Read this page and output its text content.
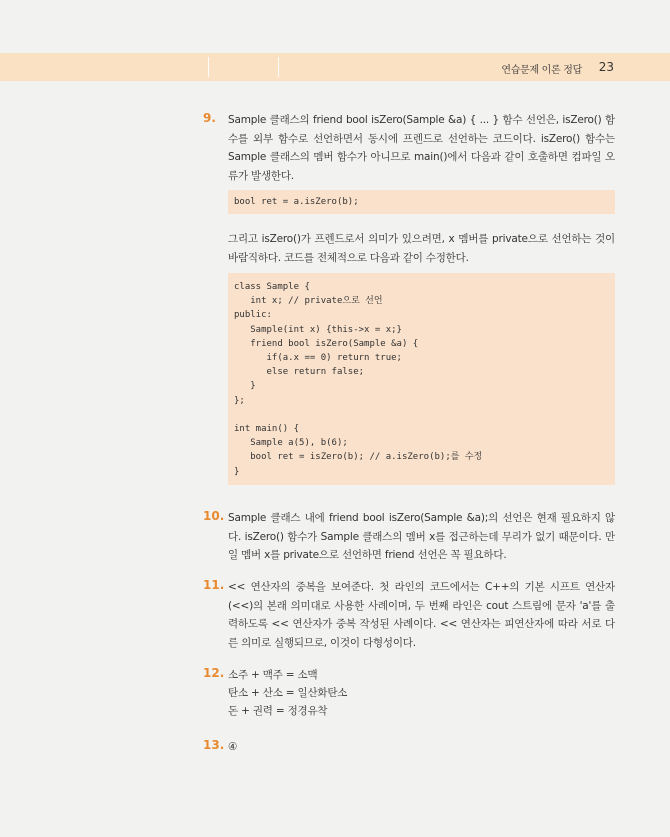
연습문제 이론 정답 23
9. Sample 클래스의 friend bool isZero(Sample &a) { ... } 함수 선언은, isZero() 함수를 외부 함수로 선언하면서 동시에 프렌드로 선언하는 코드이다. isZero() 함수는 Sample 클래스의 멤버 함수가 아니므로 main()에서 다음과 같이 호출하면 컴파일 오류가 발생한다.
bool ret = a.isZero(b);
그리고 isZero()가 프렌드로서 의미가 있으려면, x 멤버를 private으로 선언하는 것이 바람직하다. 코드를 전체적으로 다음과 같이 수정한다.
class Sample {
int x; // private으로 선언
public:
Sample(int x) {this->x = x;}
friend bool isZero(Sample &a) {
if(a.x == 0) return true;
else return false;
}
};

int main() {
Sample a(5), b(6);
bool ret = isZero(b); // a.isZero(b);를 수정
}
10. Sample 클래스 내에 friend bool isZero(Sample &a);의 선언은 현재 필요하지 않다. isZero() 함수가 Sample 클래스의 멤버 x를 접근하는데 무리가 없기 때문이다. 만일 멤버 x를 private으로 선언하면 friend 선언은 꼭 필요하다.
11. << 연산자의 중복을 보여준다. 첫 라인의 코드에서는 C++의 기본 시프트 연산자(<<)의 본래 의미대로 사용한 사례이며, 두 번째 라인은 cout 스트림에 문자 'a'를 출력하도록 << 연산자가 중복 작성된 사례이다. << 연산자는 피연산자에 따라 서로 다른 의미로 실행되므로, 이것이 다형성이다.
12. 소주 + 맥주 = 소맥
탄소 + 산소 = 일산화탄소
돈 + 권력 = 정경유착
13. ④
